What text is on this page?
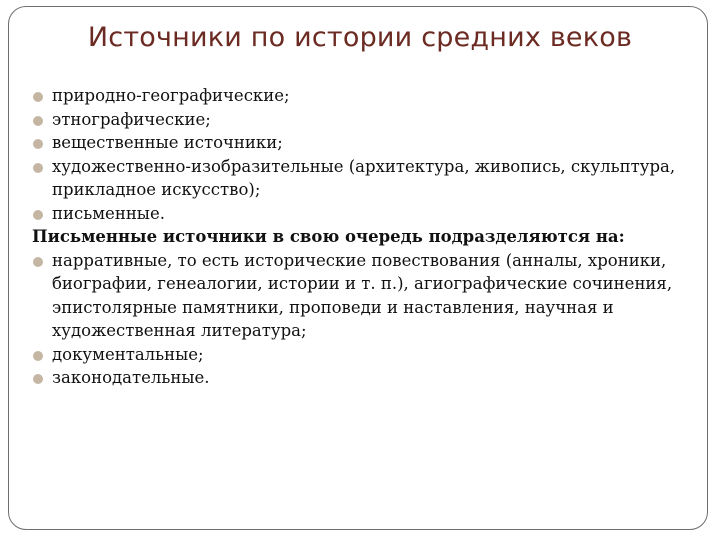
Источники по истории средних веков
природно-географические;
этнографические;
вещественные источники;
художественно-изобразительные (архитектура, живопись, скульптура, прикладное искусство);
письменные.

Письменные источники в свою очередь подразделяются на:

нарративные, то есть исторические повествования (анналы, хроники, биографии, генеалогии, истории и т. п.), агиографические сочинения, эпистолярные памятники, проповеди и наставления, научная и художественная литература;
документальные;
законодательные.
